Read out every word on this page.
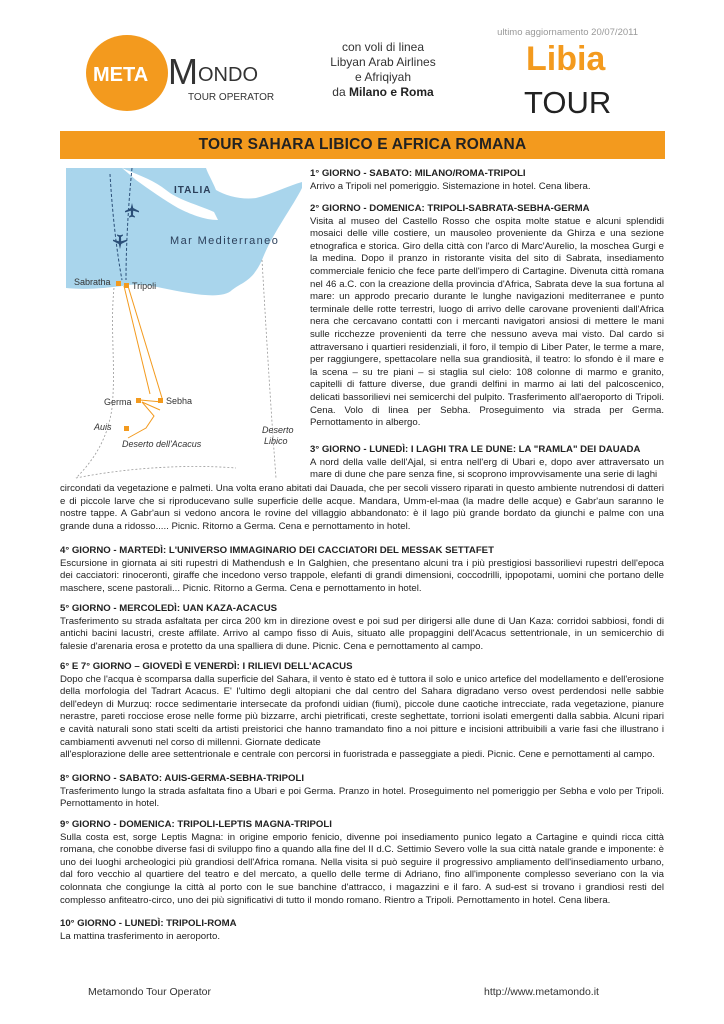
META M ONDO
TOUR OPERATOR
con voli di linea
Libyan Arab Airlines
e Afriqiyah
da Milano e Roma
ultimo aggiornamento 20/07/2011
Libia
TOUR
TOUR SAHARA LIBICO E AFRICA ROMANA
ITALIA
Mar Mediterraneo
Sabratha Tripoli
Germa	Sebha
Auis
Deserto dell'Acacus
Deserto
Libico
1° GIORNO - SABATO: MILANO/ROMA-TRIPOLI
Arrivo a Tripoli nel pomeriggio. Sistemazione in hotel. Cena libera.
2° GIORNO - DOMENICA: TRIPOLI-SABRATA-SEBHA-GERMA
Visita al museo del Castello Rosso che ospita molte statue e alcuni splendidi mosaici delle ville costiere, un mausoleo proveniente da Ghirza e una sezione etnografica e storica. Giro della città con l'arco di Marc'Aurelio, la moschea Gurgi e la medina. Dopo il pranzo in ristorante visita del sito di Sabrata, insediamento commerciale fenicio che fece parte dell'impero di Cartagine. Divenuta città romana nel 46 a.C. con la creazione della provincia d'Africa, Sabrata deve la sua fortuna al mare: un approdo precario durante le lunghe navigazioni mediterranee e punto terminale delle rotte terrestri, luogo di arrivo delle carovane provenienti dall'Africa nera che cercavano contatti con i mercanti navigatori ansiosi di mettere le mani sulle ricchezze provenienti da terre che nessuno aveva mai visto. Dal cardo si attraversano i quartieri residenziali, il foro, il tempio di Liber Pater, le terme a mare, per raggiungere, spettacolare nella sua grandiosità, il teatro: lo sfondo è il mare e la scena – su tre piani – si staglia sul cielo: 108 colonne di marmo e granito, capitelli di fatture diverse, due grandi delfini in marmo ai lati del palcoscenico, delicati bassorilievi nei semicerchi del pulpito. Trasferimento all'aeroporto di Tripoli. Cena. Volo di linea per Sebha. Proseguimento via strada per Germa. Pernottamento in albergo.
3° GIORNO - LUNEDÌ: I LAGHI TRA LE DUNE: LA "RAMLA" DEI DAUADA
A nord della valle dell'Ajal, si entra nell'erg di Ubari e, dopo aver attraversato un mare di dune che pare senza fine, si scoprono improvvisamente una serie di laghi
circondati da vegetazione e palmeti. Una volta erano abitati dai Dauada, che per secoli vissero riparati in questo ambiente nutrendosi di datteri e di piccole larve che si riproducevano sulle superficie delle acque. Mandara, Umm-el-maa (la madre delle acque) e Gabr'aun saranno le nostre tappe. A Gabr'aun si vedono ancora le rovine del villaggio abbandonato: è il lago più grande bordato da giunchi e palme con una grande duna a ridosso..... Picnic. Ritorno a Germa. Cena e pernottamento in hotel.
4° GIORNO - MARTEDÌ: L'UNIVERSO IMMAGINARIO DEI CACCIATORI DEL MESSAK SETTAFET
Escursione in giornata ai siti rupestri di Mathendush e In Galghien, che presentano alcuni tra i più prestigiosi bassorilievi rupestri dell'epoca dei cacciatori: rinoceronti, giraffe che incedono verso trappole, elefanti di grandi dimensioni, coccodrilli, ippopotami, uomini che portano delle maschere, scene pastorali... Picnic. Ritorno a Germa. Cena e pernottamento in hotel.
5° GIORNO - MERCOLEDÌ: UAN KAZA-ACACUS
Trasferimento su strada asfaltata per circa 200 km in direzione ovest e poi sud per dirigersi alle dune di Uan Kaza: corridoi sabbiosi, fondi di antichi bacini lacustri, creste affilate. Arrivo al campo fisso di Auis, situato alle propaggini dell'Acacus settentrionale, in un semicerchio di falesie d'arenaria erosa e protetto da una spalliera di dune. Picnic. Cena e pernottamento al campo.
6° E 7° GIORNO – GIOVEDÌ E VENERDÌ: I RILIEVI DELL'ACACUS
Dopo che l'acqua è scomparsa dalla superficie del Sahara, il vento è stato ed è tuttora il solo e unico artefice del modellamento e dell'erosione della morfologia del Tadrart Acacus. E' l'ultimo degli altopiani che dal centro del Sahara digradano verso ovest perdendosi nelle sabbie dell'edeyn di Murzuq: rocce sedimentarie intersecate da profondi uidian (fiumi), piccole dune caotiche intrecciate, rada vegetazione, pianure nerastre, pareti rocciose erose nelle forme più bizzarre, archi pietrificati, creste seghettate, torrioni isolati emergenti dalla sabbia. Alcuni ripari e cavità naturali sono stati scelti da artisti preistorici che hanno tramandato fino a noi pitture e incisioni attribuibili a varie fasi che illustrano i cambiamenti avvenuti nel corso di millenni. Giornate dedicate
all'esplorazione delle aree settentrionale e centrale con percorsi in fuoristrada e passeggiate a piedi. Picnic. Cene e pernottamenti al campo.
8° GIORNO - SABATO: AUIS-GERMA-SEBHA-TRIPOLI
Trasferimento lungo la strada asfaltata fino a Ubari e poi Germa. Pranzo in hotel. Proseguimento nel pomeriggio per Sebha e volo per Tripoli. Pernottamento in hotel.
9° GIORNO - DOMENICA: TRIPOLI-LEPTIS MAGNA-TRIPOLI
Sulla costa est, sorge Leptis Magna: in origine emporio fenicio, divenne poi insediamento punico legato a Cartagine e quindi ricca città romana, che conobbe diverse fasi di sviluppo fino a quando alla fine del II d.C. Settimio Severo volle la sua città natale grande e imponente: è uno dei luoghi archeologici più grandiosi dell'Africa romana. Nella visita si può seguire il progressivo ampliamento dell'insediamento urbano, dal foro vecchio al quartiere del teatro e del mercato, a quello delle terme di Adriano, fino all'imponente complesso severiano con la via colonnata che congiunge la città al porto con le sue banchine d'attracco, i magazzini e il faro. A sud-est si trovano i grandiosi resti del complesso anfiteatro-circo, uno dei più significativi di tutto il mondo romano. Rientro a Tripoli. Pernottamento in hotel. Cena libera.
10° GIORNO - LUNEDÌ: TRIPOLI-ROMA
La mattina trasferimento in aeroporto.
Metamondo Tour Operator	http://www.metamondo.it
